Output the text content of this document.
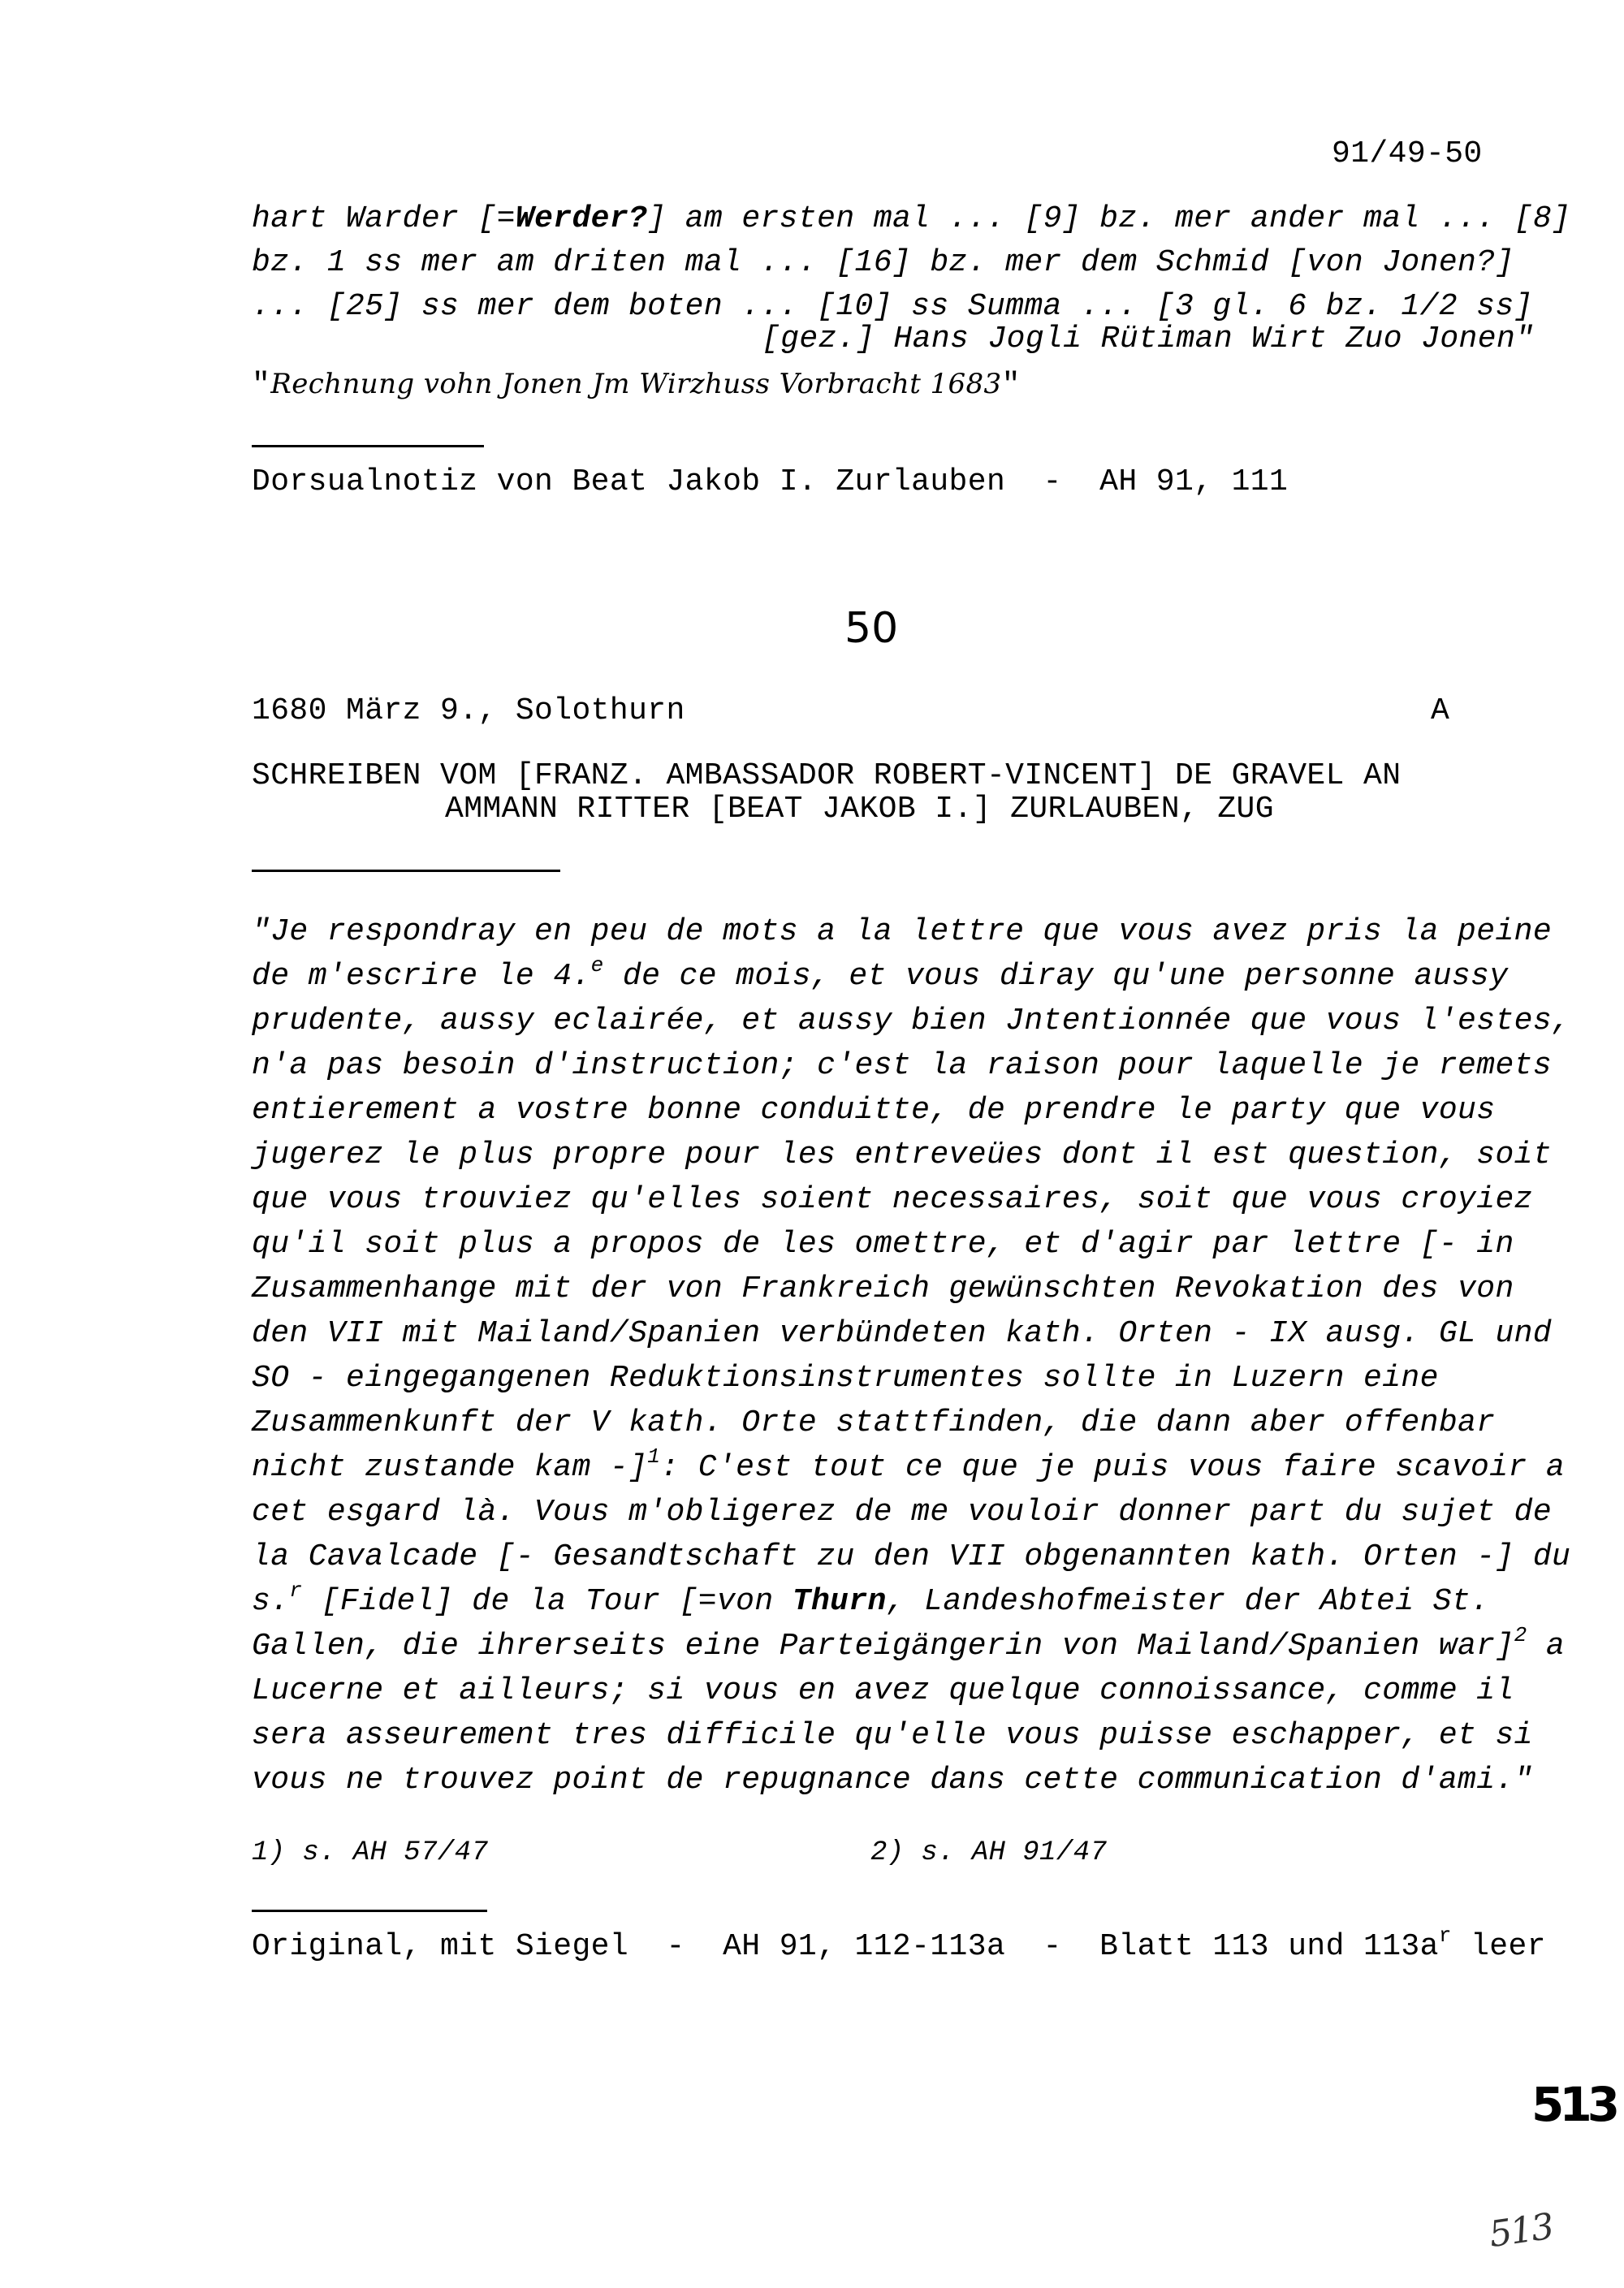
91/49-50
hart Warder [=Werder?] am ersten mal ... [9] bz. mer ander mal ... [8]
bz. 1 ss mer am driten mal ... [16] bz. mer dem Schmid [von Jonen?]
... [25] ss mer dem boten ... [10] ss Summa ... [3 gl. 6 bz. 1/2 ss]
[gez.] Hans Jogli Rütiman Wirt Zuo Jonen"
"Rechnung vohn Jonen Jm Wirzhuss Vorbracht 1683"
Dorsualnotiz von Beat Jakob I. Zurlauben  -  AH 91, 111
50
1680 März 9., Solothurn	A
SCHREIBEN VOM [FRANZ. AMBASSADOR ROBERT-VINCENT] DE GRAVEL AN
AMMANN RITTER [BEAT JAKOB I.] ZURLAUBEN, ZUG
"Je respondray en peu de mots a la lettre que vous avez pris la peine
de m'escrire le 4.$^e$ de ce mois, et vous diray qu'une personne aussy
prudente, aussy eclairée, et aussy bien Jntentionnée que vous l'estes,
n'a pas besoin d'instruction; c'est la raison pour laquelle je remets
entierement a vostre bonne conduitte, de prendre le party que vous
jugerez le plus propre pour les entreveües dont il est question, soit
que vous trouviez qu'elles soient necessaires, soit que vous croyiez
qu'il soit plus a propos de les omettre, et d'agir par lettre [- in
Zusammenhange mit der von Frankreich gewünschten Revokation des von
den VII mit Mailand/Spanien verbündeten kath. Orten - IX ausg. GL und
SO - eingegangenen Reduktionsinstrumentes sollte in Luzern eine
Zusammenkunft der V kath. Orte stattfinden, die dann aber offenbar
nicht zustande kam -]$^1$: C'est tout ce que je puis vous faire scavoir a
cet esgard là. Vous m'obligerez de me vouloir donner part du sujet de
la Cavalcade [- Gesandtschaft zu den VII obgenannten kath. Orten -] du
s.$^r$ [Fidel] de la Tour [=von Thurn, Landeshofmeister der Abtei St.
Gallen, die ihrerseits eine Parteigängerin von Mailand/Spanien war]$^2$ a
Lucerne et ailleurs; si vous en avez quelque connoissance, comme il
sera asseurement tres difficile qu'elle vous puisse eschapper, et si
vous ne trouvez point de repugnance dans cette communication d'ami."
1) s. AH 57/47	2) s. AH 91/47
Original, mit Siegel  -  AH 91, 112-113a  -  Blatt 113 und $113a^r$ leer
513
513
